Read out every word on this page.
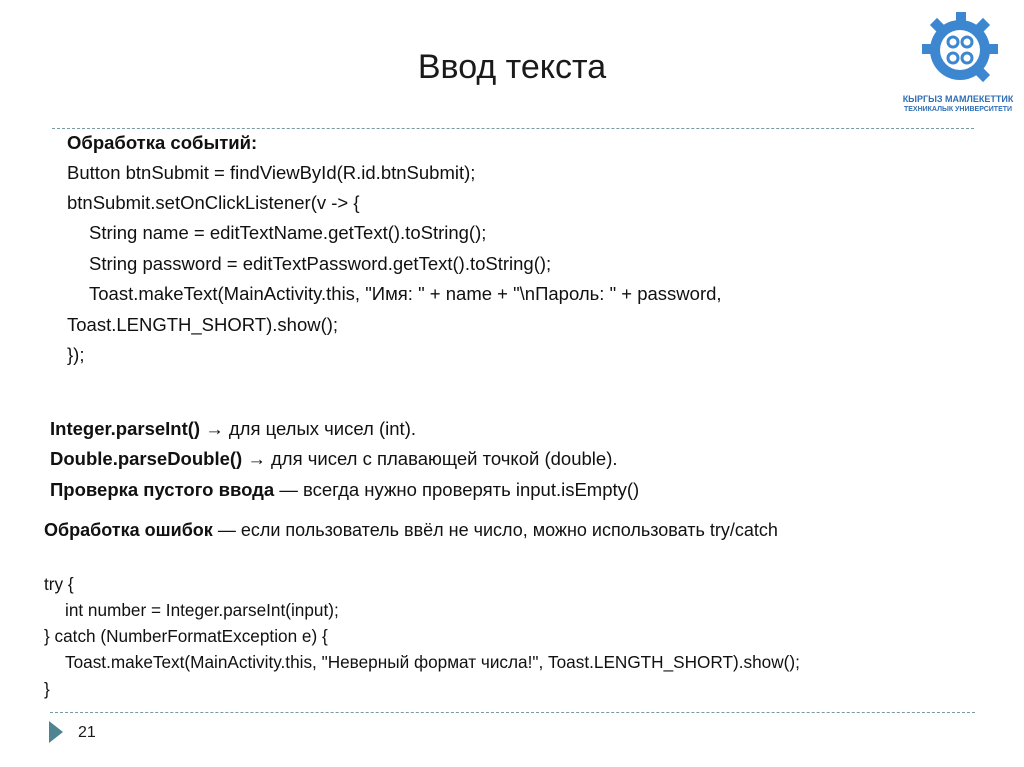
Ввод текста
КЫРГЫЗ МАМЛЕКЕТТИК
ТЕХНИКАЛЫК УНИВЕРСИТЕТИ
Обработка событий:
Button btnSubmit = findViewById(R.id.btnSubmit);
btnSubmit.setOnClickListener(v -> {
String name = editTextName.getText().toString();
String password = editTextPassword.getText().toString();
Toast.makeText(MainActivity.this, "Имя: " + name + "\nПароль: " + password,
Toast.LENGTH_SHORT).show();
});
Integer.parseInt() → для целых чисел (int).
Double.parseDouble() → для чисел с плавающей точкой (double).
Проверка пустого ввода — всегда нужно проверять input.isEmpty()
Обработка ошибок — если пользователь ввёл не число, можно использовать try/catch
try {
int number = Integer.parseInt(input);
} catch (NumberFormatException e) {
Toast.makeText(MainActivity.this, "Неверный формат числа!", Toast.LENGTH_SHORT).show();
}
21
